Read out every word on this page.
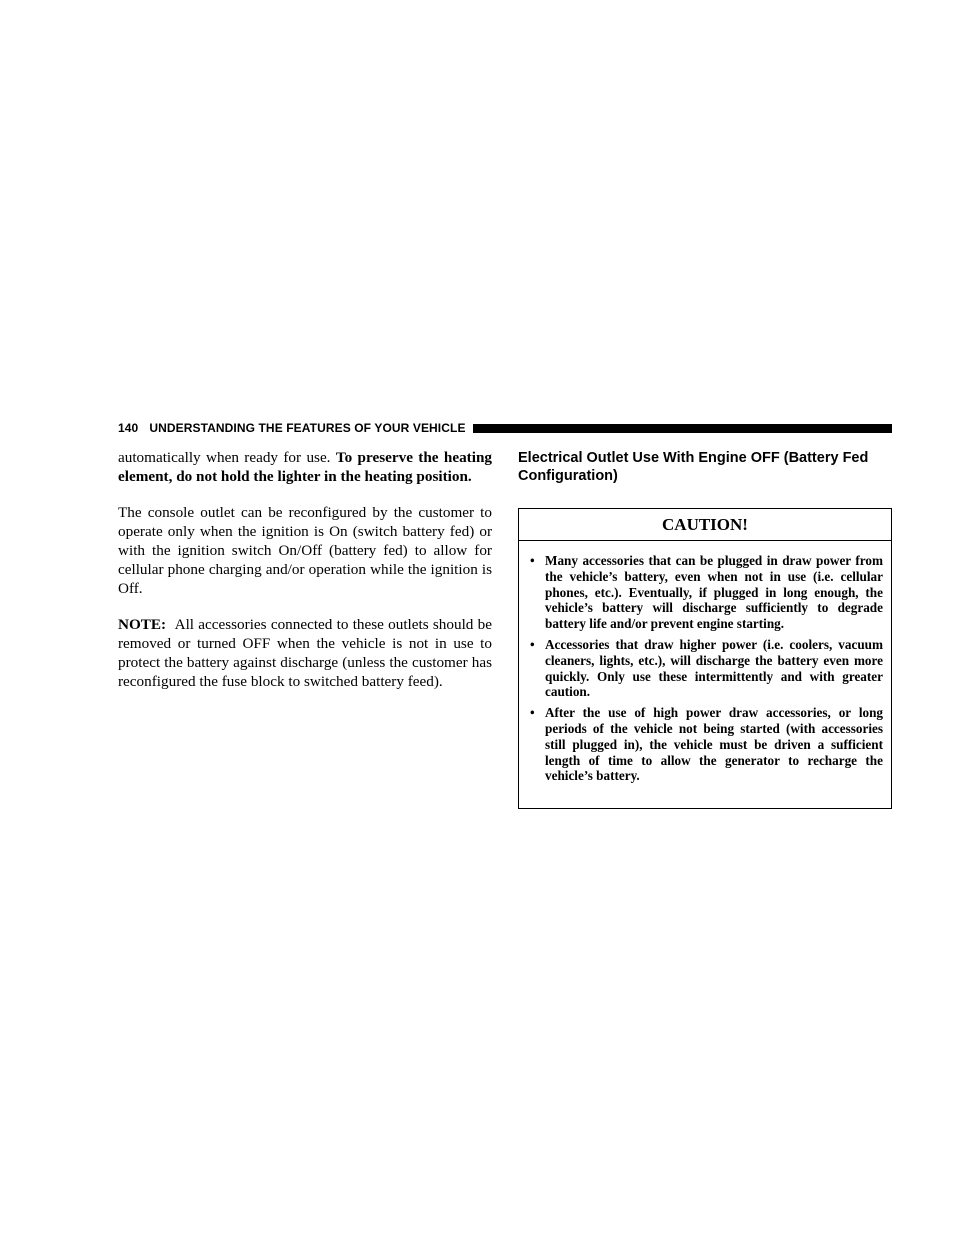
140 UNDERSTANDING THE FEATURES OF YOUR VEHICLE

automatically when ready for use. To preserve the heating element, do not hold the lighter in the heating position.

The console outlet can be reconfigured by the customer to operate only when the ignition is On (switch battery fed) or with the ignition switch On/Off (battery fed) to allow for cellular phone charging and/or operation while the ignition is Off.

NOTE: All accessories connected to these outlets should be removed or turned OFF when the vehicle is not in use to protect the battery against discharge (unless the customer has reconfigured the fuse block to switched battery feed).

Electrical Outlet Use With Engine OFF (Battery Fed Configuration)
CAUTION!
• Many accessories that can be plugged in draw power from the vehicle’s battery, even when not in use (i.e. cellular phones, etc.). Eventually, if plugged in long enough, the vehicle’s battery will discharge sufficiently to degrade battery life and/or prevent engine starting.
• Accessories that draw higher power (i.e. coolers, vacuum cleaners, lights, etc.), will discharge the battery even more quickly. Only use these intermittently and with greater caution.
• After the use of high power draw accessories, or long periods of the vehicle not being started (with accessories still plugged in), the vehicle must be driven a sufficient length of time to allow the generator to recharge the vehicle’s battery.
